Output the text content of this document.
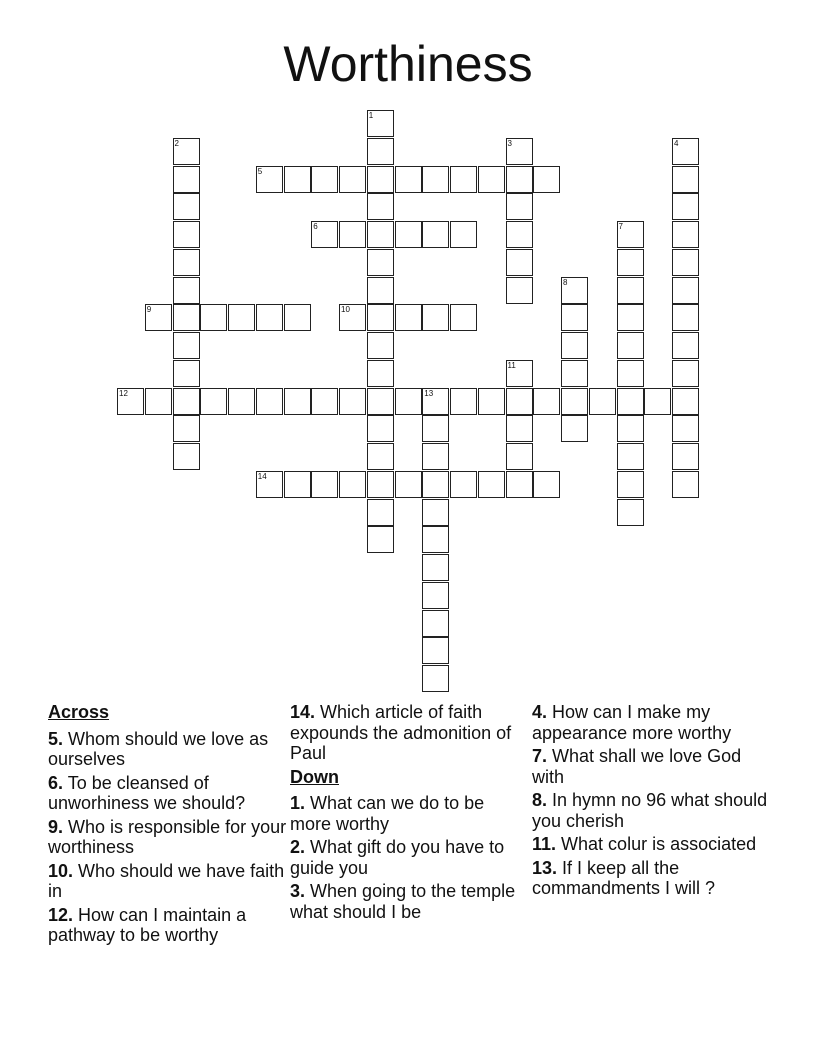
Worthiness
1
2	3	4
5
6	7
8
9	10
11
12	13
14
Across
5. Whom should we love as ourselves
6. To be cleansed of unworhiness we should?
9. Who is responsible for your worthiness
10. Who should we have faith in
12. How can I maintain a pathway to be worthy
14. Which article of faith expounds the admonition of Paul
Down
1. What can we do to be more worthy
2. What gift do you have to guide you
3. When going to the temple what should I be
4. How can I make my appearance more worthy
7. What shall we love God with
8. In hymn no 96 what should you cherish
11. What colur is associated
13. If I keep all the commandments I will ?
